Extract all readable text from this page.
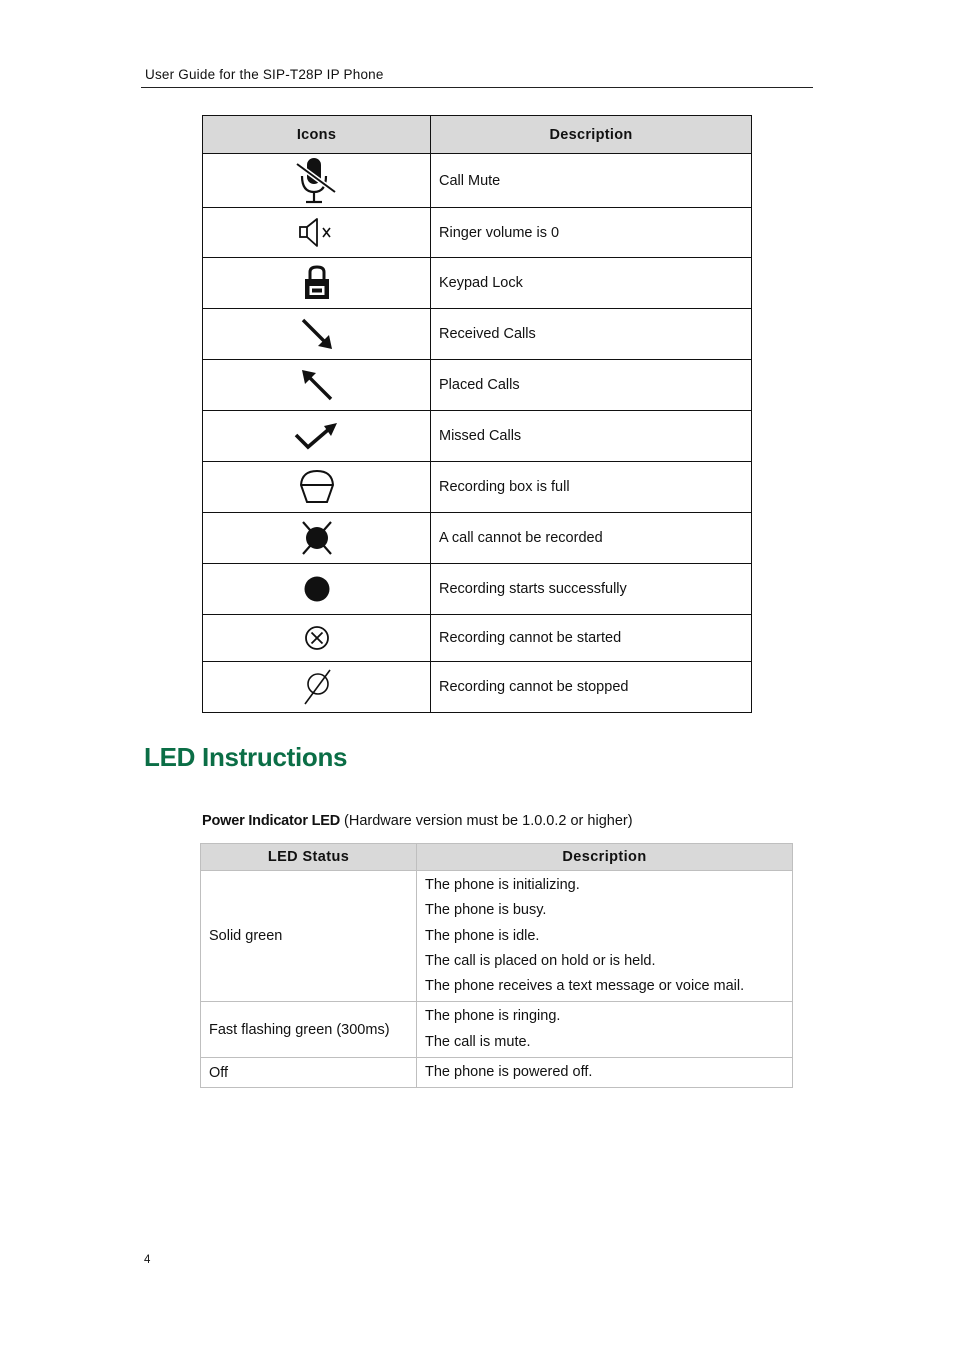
User Guide for the SIP-T28P IP Phone
Icons	Description

	Call Mute

	Ringer volume is 0

	Keypad Lock

	Received Calls

	Placed Calls

	Missed Calls

	Recording box is full

	A call cannot be recorded

	Recording starts successfully

	Recording cannot be started

	Recording cannot be stopped
LED Instructions
Power Indicator LED (Hardware version must be 1.0.0.2 or higher)
LED Status	Description
Solid green	The phone is initializing.
The phone is busy.
The phone is idle.
The call is placed on hold or is held.
The phone receives a text message or voice mail.

Fast flashing green (300ms)	The phone is ringing.
The call is mute.

Off	The phone is powered off.
4
